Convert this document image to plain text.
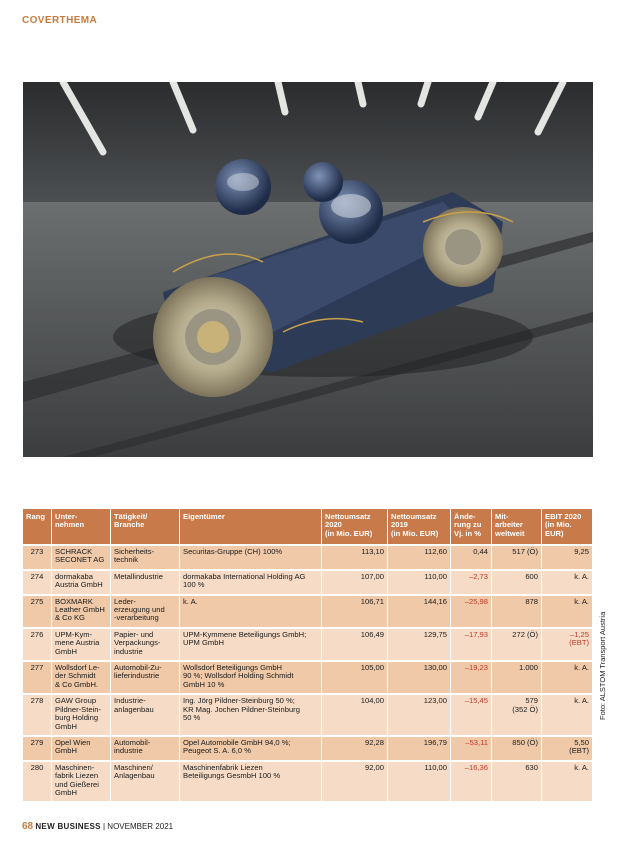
COVERTHEMA
Foto: ALSTOM Transport Austria
Rang	Unter-
nehmen	Tätigkeit/
Branche	Eigentümer	Nettoumsatz
2020
(in Mio. EUR)	Nettoumsatz
2019
(in Mio. EUR)	Ände-
rung zu
Vj. in %	Mit-
arbeiter
weltweit	EBIT 2020
(in Mio.
EUR)
273	SCHRACK SECONET AG	Sicherheits-
technik	Securitas-Gruppe (CH) 100%	113,10	112,60	0,44	517 (Ö)	9,25
274	dormakaba Austria GmbH	Metallindustrie	dormakaba International Holding AG 100 %	107,00	110,00	–2,73	600	k. A.
275	BOXMARK Leather GmbH & Co KG	Leder-
erzeugung und
-verarbeitung	k. A.	106,71	144,16	–25,98	878	k. A.
276	UPM-Kym-
mene Austria
GmbH	Papier- und
Verpackungs-
industrie	UPM-Kymmene Beteiligungs GmbH; UPM GmbH	106,49	129,75	–17,93	272 (Ö)	–1,25
(EBT)
277	Wollsdorf Le-
der Schmidt
& Co GmbH.	Automobil-Zu-
lieferindustrie	Wollsdorf Beteiligungs GmbH
90 %; Wollsdorf Holding Schmidt
GmbH 10 %	105,00	130,00	–19,23	1.000	k. A.
278	GAW Group
Pildner-Stein-
burg Holding
GmbH	Industrie-
anlagenbau	Ing. Jörg Pildner-Steinburg 50 %;
KR Mag. Jochen Pildner-Steinburg
50 %	104,00	123,00	–15,45	579
(352 Ö)	k. A.
279	Opel Wien
GmbH	Automobil-
industrie	Opel Automobile GmbH 94,0 %;
Peugeot S. A. 6,0 %	92,28	196,79	–53,11	850 (Ö)	5,50
(EBT)
280	Maschinen-
fabrik Liezen
und Gießerei
GmbH	Maschinen/
Anlagenbau	Maschinenfabrik Liezen
Beteiligungs GesmbH 100 %	92,00	110,00	–16,36	630	k. A.
68 NEW BUSINESS | NOVEMBER 2021
